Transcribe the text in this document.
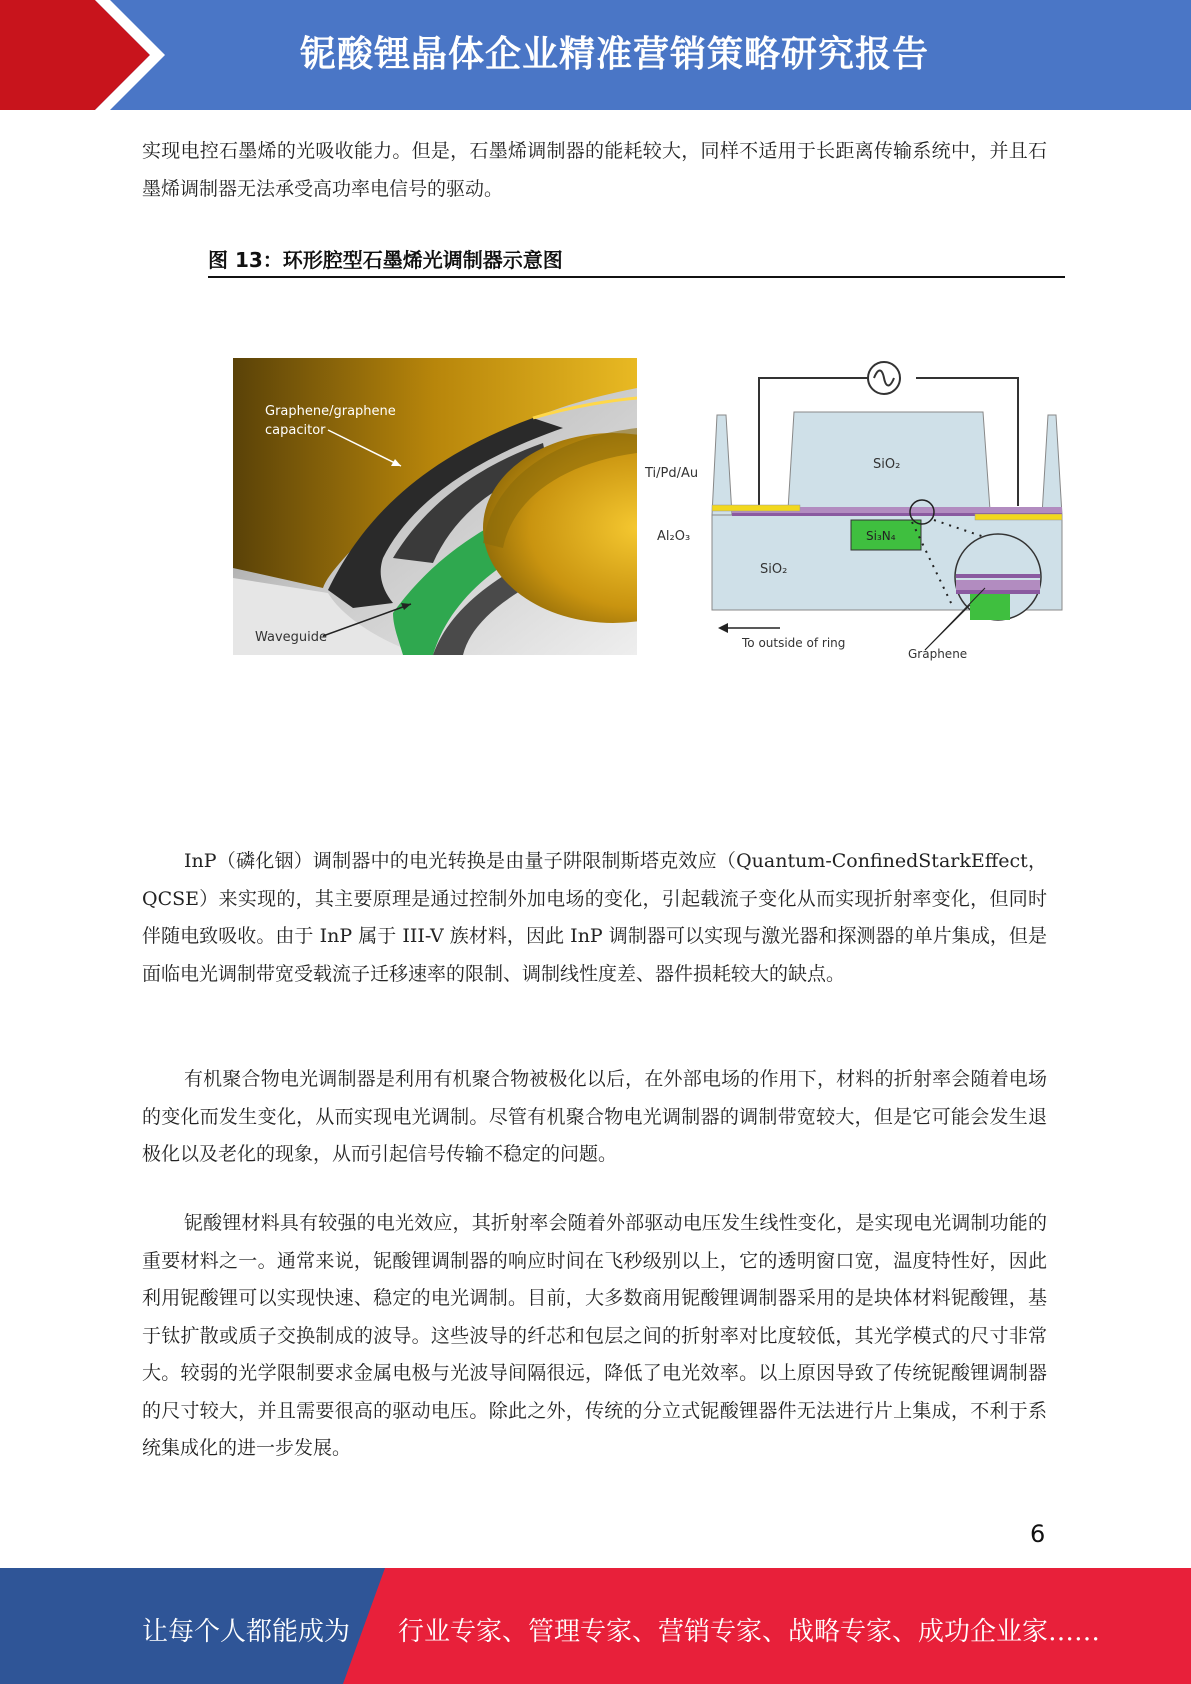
铌酸锂晶体企业精准营销策略研究报告

实现电控石墨烯的光吸收能力。但是，石墨烯调制器的能耗较大，同样不适用于长距离传输系统中，并且石墨烯调制器无法承受高功率电信号的驱动。

图 13：环形腔型石墨烯光调制器示意图
Graphene/graphene
capacitor
Waveguide
SiO₂
Ti/Pd/Au
Al₂O₃	Si₃N₄
SiO₂
To outside of ring
Graphene

InP（磷化铟）调制器中的电光转换是由量子阱限制斯塔克效应（Quantum-ConfinedStarkEffect，QCSE）来实现的，其主要原理是通过控制外加电场的变化，引起载流子变化从而实现折射率变化，但同时伴随电致吸收。由于 InP 属于 III-V 族材料，因此 InP 调制器可以实现与激光器和探测器的单片集成，但是面临电光调制带宽受载流子迁移速率的限制、调制线性度差、器件损耗较大的缺点。

有机聚合物电光调制器是利用有机聚合物被极化以后，在外部电场的作用下，材料的折射率会随着电场的变化而发生变化，从而实现电光调制。尽管有机聚合物电光调制器的调制带宽较大，但是它可能会发生退极化以及老化的现象，从而引起信号传输不稳定的问题。

铌酸锂材料具有较强的电光效应，其折射率会随着外部驱动电压发生线性变化，是实现电光调制功能的重要材料之一。通常来说，铌酸锂调制器的响应时间在飞秒级别以上，它的透明窗口宽，温度特性好，因此利用铌酸锂可以实现快速、稳定的电光调制。目前，大多数商用铌酸锂调制器采用的是块体材料铌酸锂，基于钛扩散或质子交换制成的波导。这些波导的纤芯和包层之间的折射率对比度较低，其光学模式的尺寸非常大。较弱的光学限制要求金属电极与光波导间隔很远，降低了电光效率。以上原因导致了传统铌酸锂调制器的尺寸较大，并且需要很高的驱动电压。除此之外，传统的分立式铌酸锂器件无法进行片上集成，不利于系统集成化的进一步发展。

6
让每个人都能成为 行业专家、管理专家、营销专家、战略专家、成功企业家……
